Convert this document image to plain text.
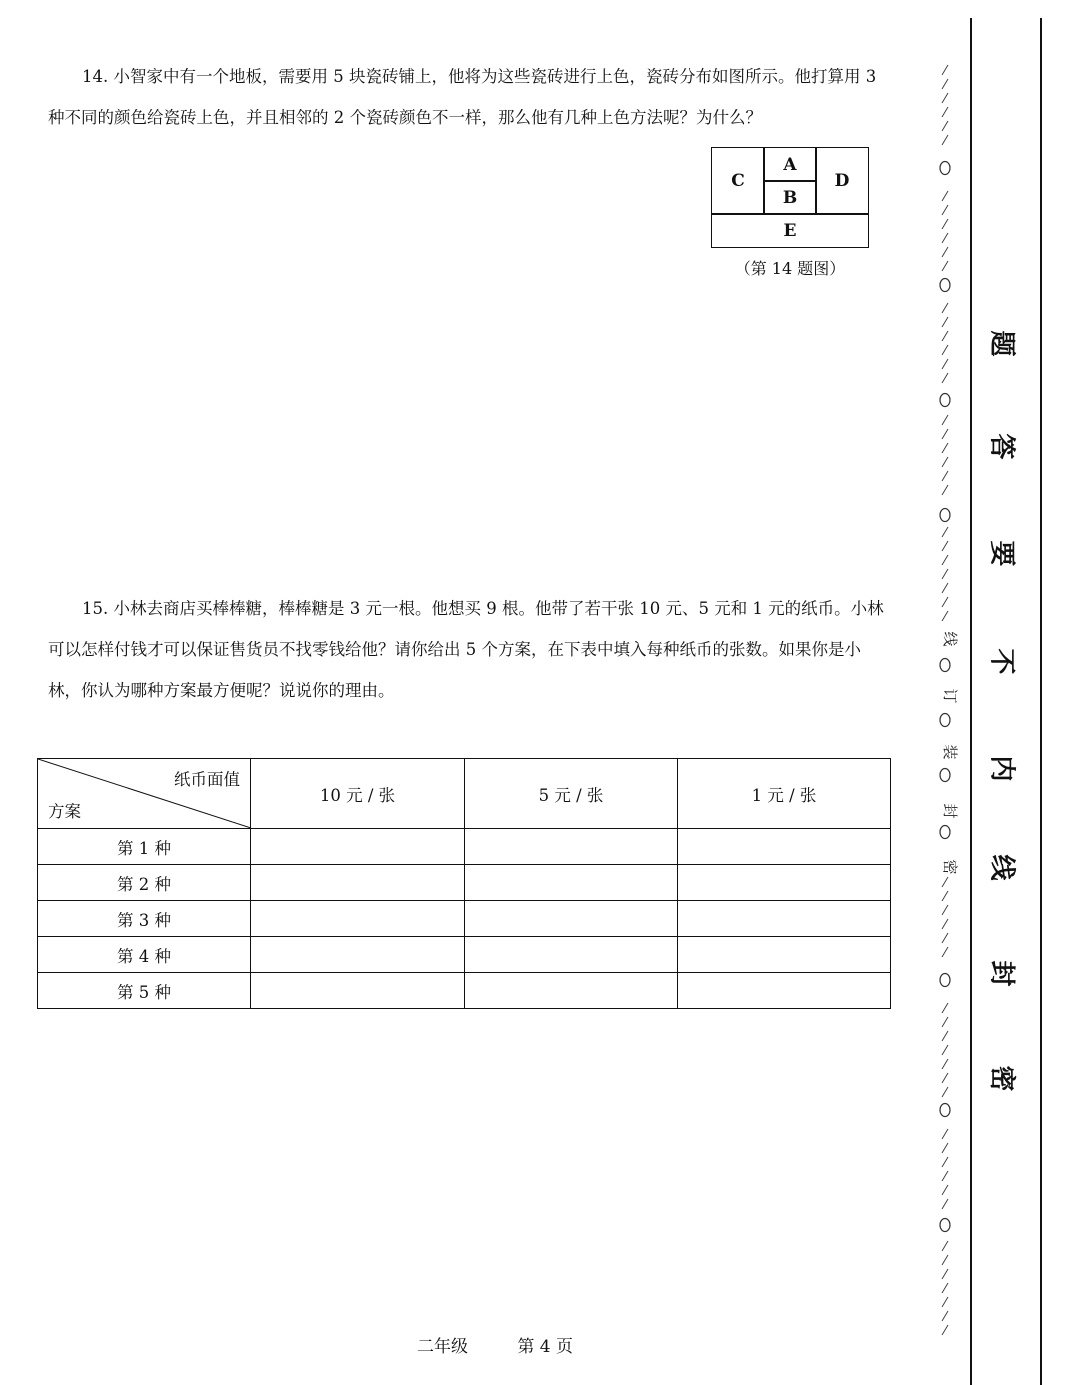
14. 小智家中有一个地板，需要用 5 块瓷砖铺上，他将为这些瓷砖进行上色，瓷砖分布如图所示。他打算用 3 种不同的颜色给瓷砖上色，并且相邻的 2 个瓷砖颜色不一样，那么他有几种上色方法呢？为什么？

C
A
B
D
E
（第 14 题图）

15. 小林去商店买棒棒糖，棒棒糖是 3 元一根。他想买 9 根。他带了若干张 10 元、5 元和 1 元的纸币。小林可以怎样付钱才可以保证售货员不找零钱给他？请你给出 5 个方案，在下表中填入每种纸币的张数。如果你是小林，你认为哪种方案最方便呢？说说你的理由。

纸币面值
方案	10 元 / 张	5 元 / 张	1 元 / 张
第 1 种			
第 2 种			
第 3 种			
第 4 种			
第 5 种			
二年级	第 4 页
密
封
装
订
线
题
答
要
不
内
线
封
密
